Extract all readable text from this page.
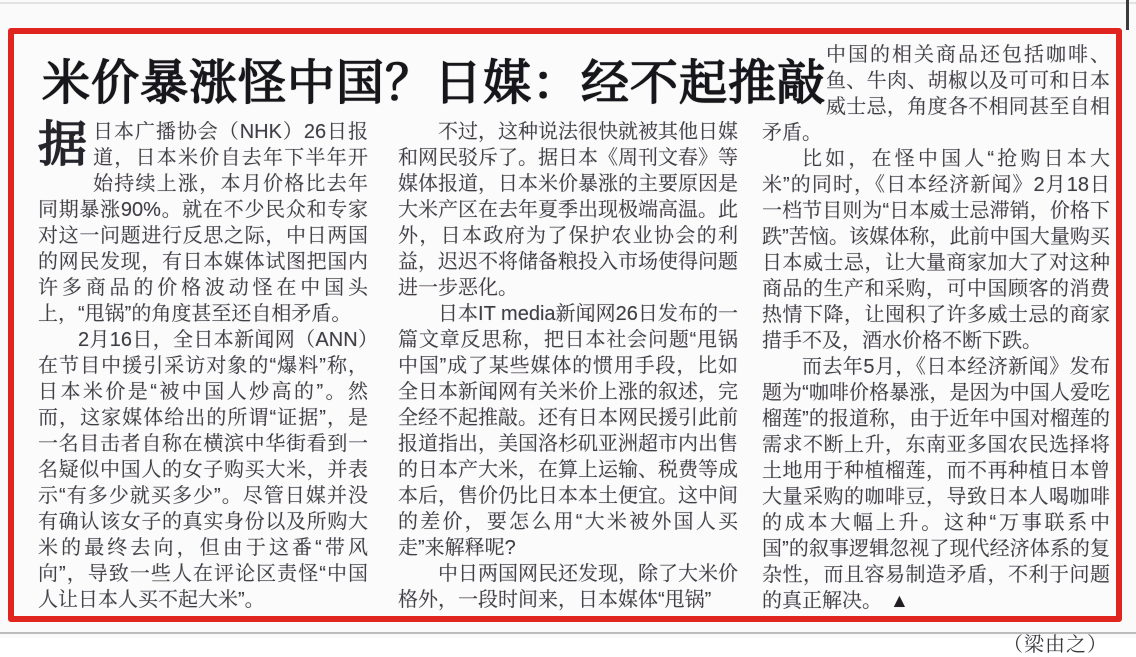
米价暴涨怪中国？日媒：经不起推敲

据日本广播协会（NHK）26日报道，日本米价自去年下半年开始持续上涨，本月价格比去年同期暴涨90%。就在不少民众和专家对这一问题进行反思之际，中日两国的网民发现，有日本媒体试图把国内许多商品的价格波动怪在中国头上，“甩锅”的角度甚至还自相矛盾。

2月16日，全日本新闻网（ANN）在节目中援引采访对象的“爆料”称，日本米价是“被中国人炒高的”。然而，这家媒体给出的所谓“证据”，是一名目击者自称在横滨中华街看到一名疑似中国人的女子购买大米，并表示“有多少就买多少”。尽管日媒并没有确认该女子的真实身份以及所购大米的最终去向，但由于这番“带风向”，导致一些人在评论区责怪“中国人让日本人买不起大米”。

不过，这种说法很快就被其他日媒和网民驳斥了。据日本《周刊文春》等媒体报道，日本米价暴涨的主要原因是大米产区在去年夏季出现极端高温。此外，日本政府为了保护农业协会的利益，迟迟不将储备粮投入市场使得问题进一步恶化。

日本IT media新闻网26日发布的一篇文章反思称，把日本社会问题“甩锅中国”成了某些媒体的惯用手段，比如全日本新闻网有关米价上涨的叙述，完全经不起推敲。还有日本网民援引此前报道指出，美国洛杉矶亚洲超市内出售的日本产大米，在算上运输、税费等成本后，售价仍比日本本土便宜。这中间的差价，要怎么用“大米被外国人买走”来解释呢?

中日两国网民还发现，除了大米价格外，一段时间来，日本媒体“甩锅”

中国的相关商品还包括咖啡、鱼、牛肉、胡椒以及可可和日本威士忌，角度各不相同甚至自相矛盾。

比如，在怪中国人“抢购日本大米”的同时，《日本经济新闻》2月18日一档节目则为“日本威士忌滞销，价格下跌”苦恼。该媒体称，此前中国大量购买日本威士忌，让大量商家加大了对这种商品的生产和采购，可中国顾客的消费热情下降，让囤积了许多威士忌的商家措手不及，酒水价格不断下跌。

而去年5月，《日本经济新闻》发布题为“咖啡价格暴涨，是因为中国人爱吃榴莲”的报道称，由于近年中国对榴莲的需求不断上升，东南亚多国农民选择将土地用于种植榴莲，而不再种植日本曾大量采购的咖啡豆，导致日本人喝咖啡的成本大幅上升。这种“万事联系中国”的叙事逻辑忽视了现代经济体系的复杂性，而且容易制造矛盾，不利于问题的真正解决。 ▲

（梁由之）
